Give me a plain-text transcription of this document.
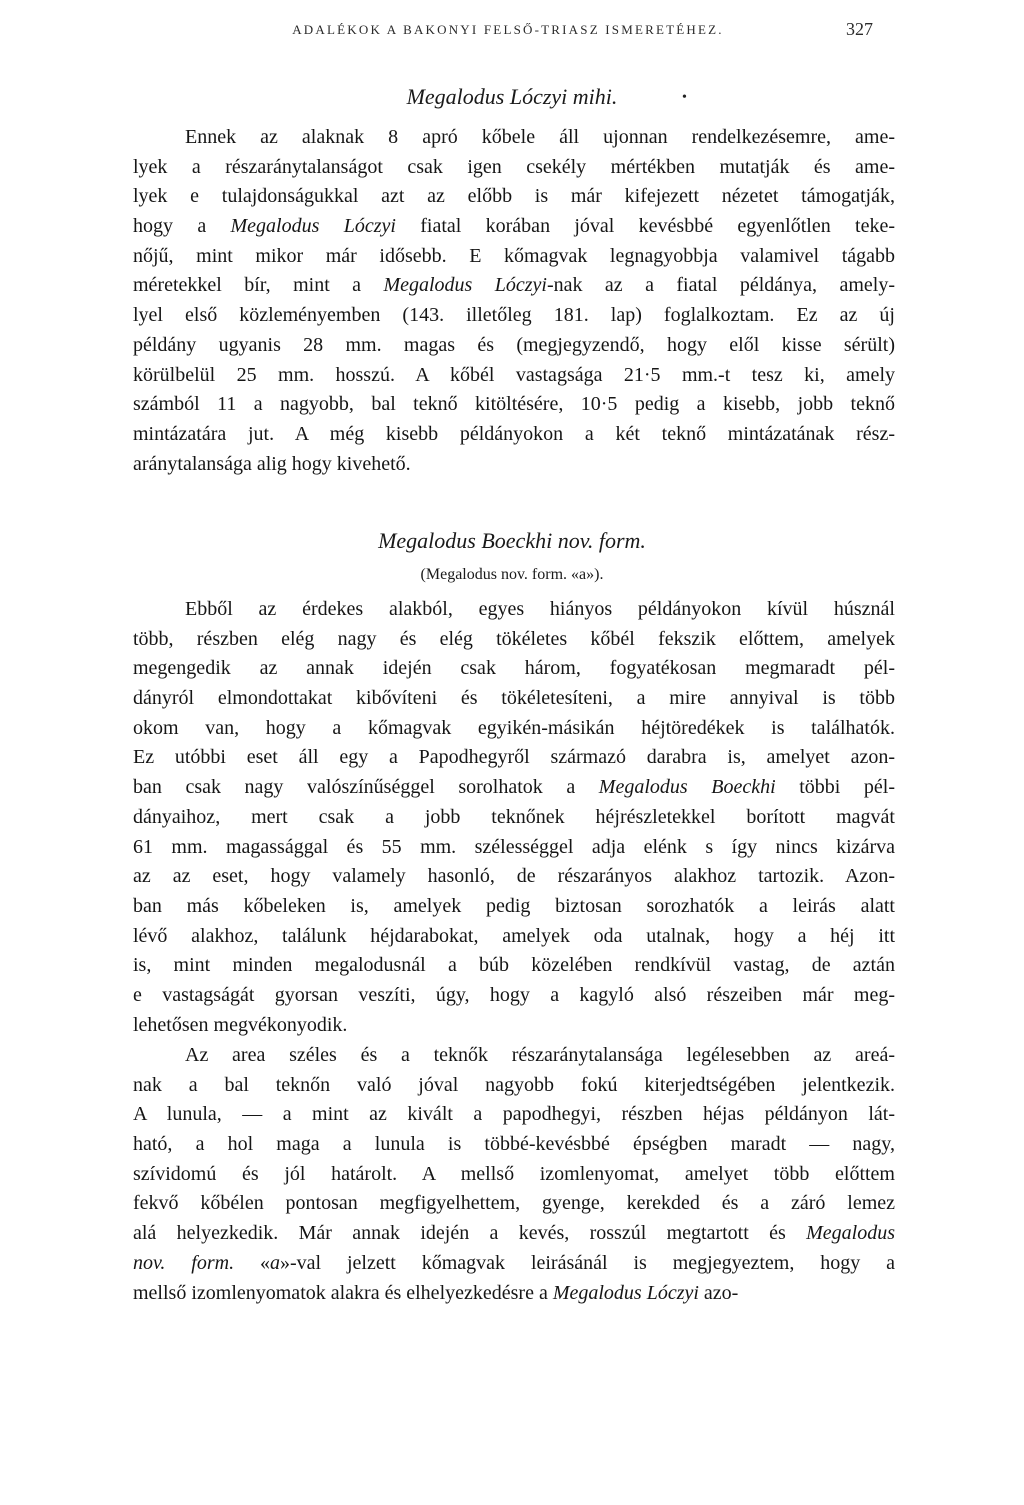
ADALÉKOK A BAKONYI FELSŐ-TRIASZ ISMERETÉHEZ.	327
Megalodus Lóczyi mihi.	•
Ennek az alaknak 8 apró kőbele áll ujonnan rendelkezésemre, ame-
lyek a részaránytalanságot csak igen csekély mértékben mutatják és ame-
lyek e tulajdonságukkal azt az előbb is már kifejezett nézetet támogatják,
hogy a Megalodus Lóczyi fiatal korában jóval kevésbbé egyenlőtlen teke-
nőjű, mint mikor már idősebb. E kőmagvak legnagyobbja valamivel tágabb
méretekkel bír, mint a Megalodus Lóczyi-nak az a fiatal példánya, amely-
lyel első közleményemben (143. illetőleg 181. lap) foglalkoztam. Ez az új
példány ugyanis 28 mm. magas és (megjegyzendő, hogy elől kisse sérült)
körülbelül 25 mm. hosszú. A kőbél vastagsága 21·5 mm.-t tesz ki, amely
számból 11 a nagyobb, bal teknő kitöltésére, 10·5 pedig a kisebb, jobb teknő
mintázatára jut. A még kisebb példányokon a két teknő mintázatának rész-
aránytalansága alig hogy kivehető.
Megalodus Boeckhi nov. form.
(Megalodus nov. form. «a»).
Ebből az érdekes alakból, egyes hiányos példányokon kívül húsznál
több, részben elég nagy és elég tökéletes kőbél fekszik előttem, amelyek
megengedik az annak idején csak három, fogyatékosan megmaradt pél-
dányról elmondottakat kibővíteni és tökéletesíteni, a mire annyival is több
okom van, hogy a kőmagvak egyikén-másikán héjtöredékek is találhatók.
Ez utóbbi eset áll egy a Papodhegyről származó darabra is, amelyet azon-
ban csak nagy valószínűséggel sorolhatok a Megalodus Boeckhi többi pél-
dányaihoz, mert csak a jobb teknőnek héjrészletekkel borított magvát
61 mm. magassággal és 55 mm. szélességgel adja elénk s így nincs kizárva
az az eset, hogy valamely hasonló, de részarányos alakhoz tartozik. Azon-
ban más kőbeleken is, amelyek pedig biztosan sorozhatók a leirás alatt
lévő alakhoz, találunk héjdarabokat, amelyek oda utalnak, hogy a héj itt
is, mint minden megalodusnál a búb közelében rendkívül vastag, de aztán
e vastagságát gyorsan veszíti, úgy, hogy a kagyló alsó részeiben már meg-
lehetősen megvékonyodik.
Az area széles és a teknők részaránytalansága legélesebben az areá-
nak a bal teknőn való jóval nagyobb fokú kiterjedtségében jelentkezik.
A lunula, — a mint az kivált a papodhegyi, részben héjas példányon lát-
ható, a hol maga a lunula is többé-kevésbbé épségben maradt — nagy,
szívidomú és jól határolt. A mellső izomlenyomat, amelyet több előttem
fekvő kőbélen pontosan megfigyelhettem, gyenge, kerekded és a záró lemez
alá helyezkedik. Már annak idején a kevés, rosszúl megtartott és Megalodus
nov. form. «a»-val jelzett kőmagvak leirásánál is megjegyeztem, hogy a
mellső izomlenyomatok alakra és elhelyezkedésre a Megalodus Lóczyi azo-
